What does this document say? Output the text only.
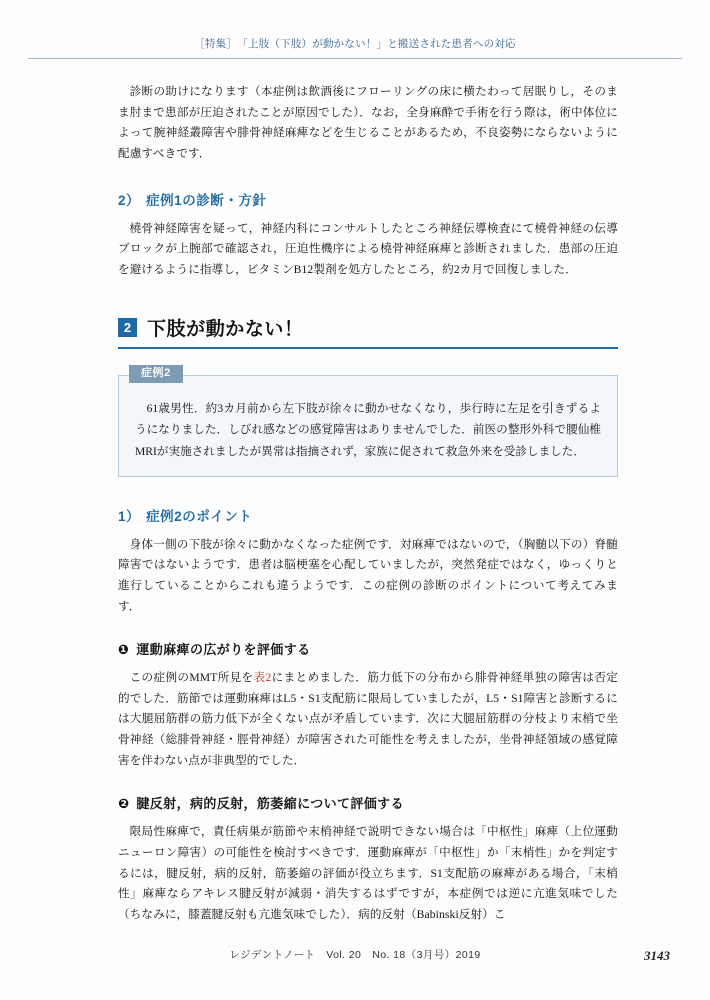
［特集］　「上肢（下肢）が動かない！」と搬送された患者への対応

診断の助けになります（本症例は飲酒後にフローリングの床に横たわって居眠りし，そのまま肘まで患部が圧迫されたことが原因でした）．なお，全身麻酔で手術を行う際は，術中体位によって腕神経叢障害や腓骨神経麻痺などを生じることがあるため，不良姿勢にならないように配慮すべきです．

2） 症例1の診断・方針

橈骨神経障害を疑って，神経内科にコンサルトしたところ神経伝導検査にて橈骨神経の伝導ブロックが上腕部で確認され，圧迫性機序による橈骨神経麻痺と診断されました．患部の圧迫を避けるように指導し，ビタミンB12製剤を処方したところ，約2カ月で回復しました．

2 下肢が動かない！
症例2

61歳男性．約3カ月前から左下肢が徐々に動かせなくなり，歩行時に左足を引きずるようになりました．しびれ感などの感覚障害はありませんでした．前医の整形外科で腰仙椎MRIが実施されましたが異常は指摘されず，家族に促されて救急外来を受診しました．

1） 症例2のポイント

身体一側の下肢が徐々に動かなくなった症例です．対麻痺ではないので，（胸髄以下の）脊髄障害ではないようです．患者は脳梗塞を心配していましたが，突然発症ではなく，ゆっくりと進行していることからこれも違うようです．この症例の診断のポイントについて考えてみます．

❶ 運動麻痺の広がりを評価する

この症例のMMT所見を表2にまとめました．筋力低下の分布から腓骨神経単独の障害は否定的でした．筋節では運動麻痺はL5・S1支配筋に限局していましたが，L5・S1障害と診断するには大腿屈筋群の筋力低下が全くない点が矛盾しています．次に大腿屈筋群の分枝より末梢で坐骨神経（総腓骨神経・脛骨神経）が障害された可能性を考えましたが，坐骨神経領域の感覚障害を伴わない点が非典型的でした．

❷ 腱反射，病的反射，筋萎縮について評価する

限局性麻痺で，責任病巣が筋節や末梢神経で説明できない場合は「中枢性」麻痺（上位運動ニューロン障害）の可能性を検討すべきです．運動麻痺が「中枢性」か「末梢性」かを判定するには，腱反射，病的反射，筋萎縮の評価が役立ちます．S1支配筋の麻痺がある場合，「末梢性」麻痺ならアキレス腱反射が減弱・消失するはずですが，本症例では逆に亢進気味でした（ちなみに，膝蓋腱反射も亢進気味でした）．病的反射（Babinski反射）こ

レジデントノート　Vol. 20　No. 18（3月号）2019	3143
